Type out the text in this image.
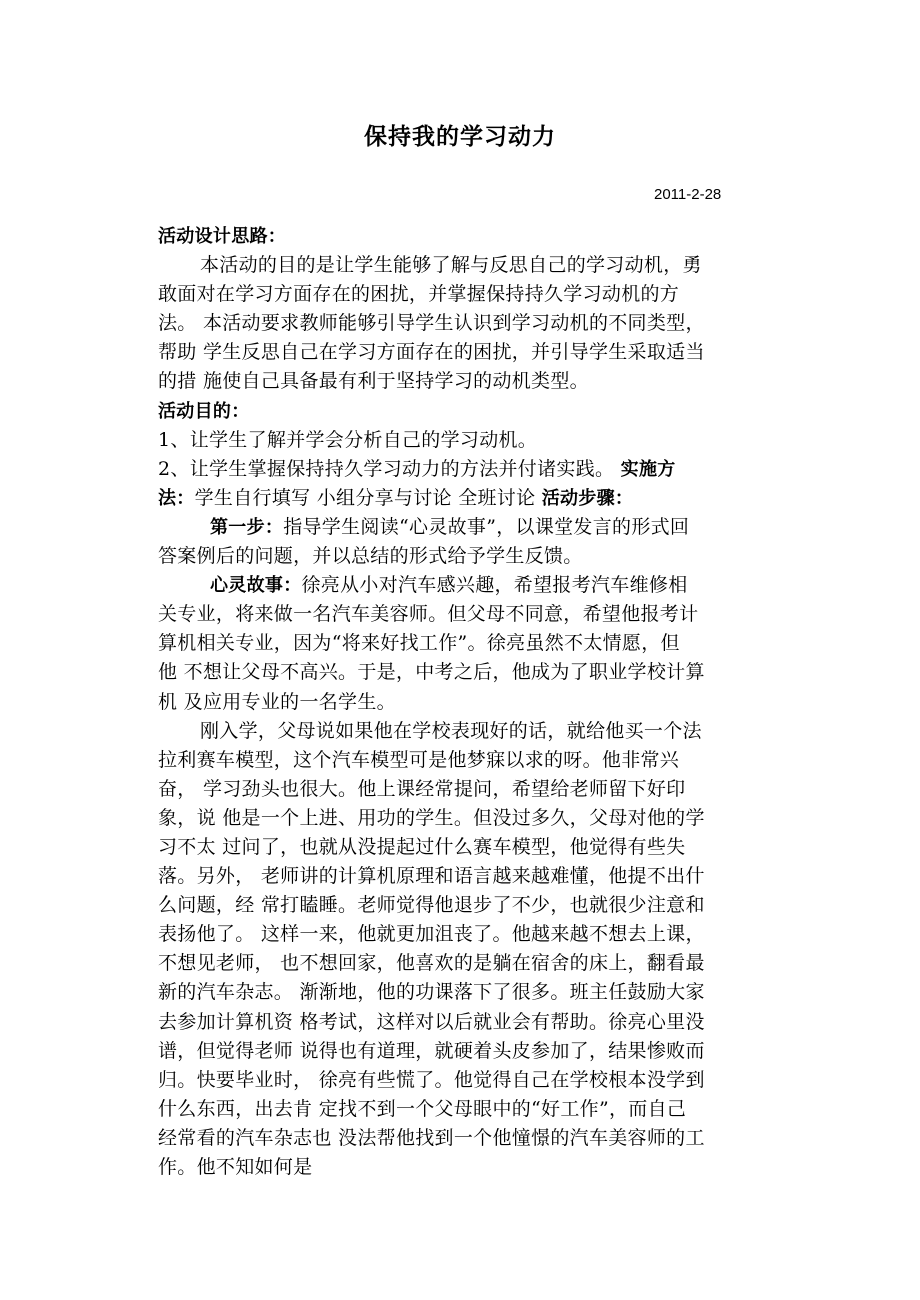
保持我的学习动力
2011-2-28
活动设计思路：
本活动的目的是让学生能够了解与反思自己的学习动机，勇
敢面对在学习方面存在的困扰，并掌握保持持久学习动机的方
法。 本活动要求教师能够引导学生认识到学习动机的不同类型，
帮助 学生反思自己在学习方面存在的困扰，并引导学生采取适当
的措 施使自己具备最有利于坚持学习的动机类型。
活动目的：
1、让学生了解并学会分析自己的学习动机。
2、让学生掌握保持持久学习动力的方法并付诸实践。 实施方
法：学生自行填写 小组分享与讨论 全班讨论 活动步骤：
第一步：指导学生阅读“心灵故事”，以课堂发言的形式回
答案例后的问题，并以总结的形式给予学生反馈。
心灵故事：徐亮从小对汽车感兴趣，希望报考汽车维修相
关专业，将来做一名汽车美容师。但父母不同意，希望他报考计
算机相关专业，因为“将来好找工作”。徐亮虽然不太情愿，但
他 不想让父母不高兴。于是，中考之后，他成为了职业学校计算
机 及应用专业的一名学生。
刚入学，父母说如果他在学校表现好的话，就给他买一个法
拉利赛车模型，这个汽车模型可是他梦寐以求的呀。他非常兴
奋， 学习劲头也很大。他上课经常提问，希望给老师留下好印
象，说 他是一个上进、用功的学生。但没过多久，父母对他的学
习不太 过问了，也就从没提起过什么赛车模型，他觉得有些失
落。另外， 老师讲的计算机原理和语言越来越难懂，他提不出什
么问题，经 常打瞌睡。老师觉得他退步了不少，也就很少注意和
表扬他了。 这样一来，他就更加沮丧了。他越来越不想去上课，
不想见老师， 也不想回家，他喜欢的是躺在宿舍的床上，翻看最
新的汽车杂志。 渐渐地，他的功课落下了很多。班主任鼓励大家
去参加计算机资 格考试，这样对以后就业会有帮助。徐亮心里没
谱，但觉得老师 说得也有道理，就硬着头皮参加了，结果惨败而
归。快要毕业时， 徐亮有些慌了。他觉得自己在学校根本没学到
什么东西，出去肯 定找不到一个父母眼中的“好工作”，而自己
经常看的汽车杂志也 没法帮他找到一个他憧憬的汽车美容师的工
作。他不知如何是
